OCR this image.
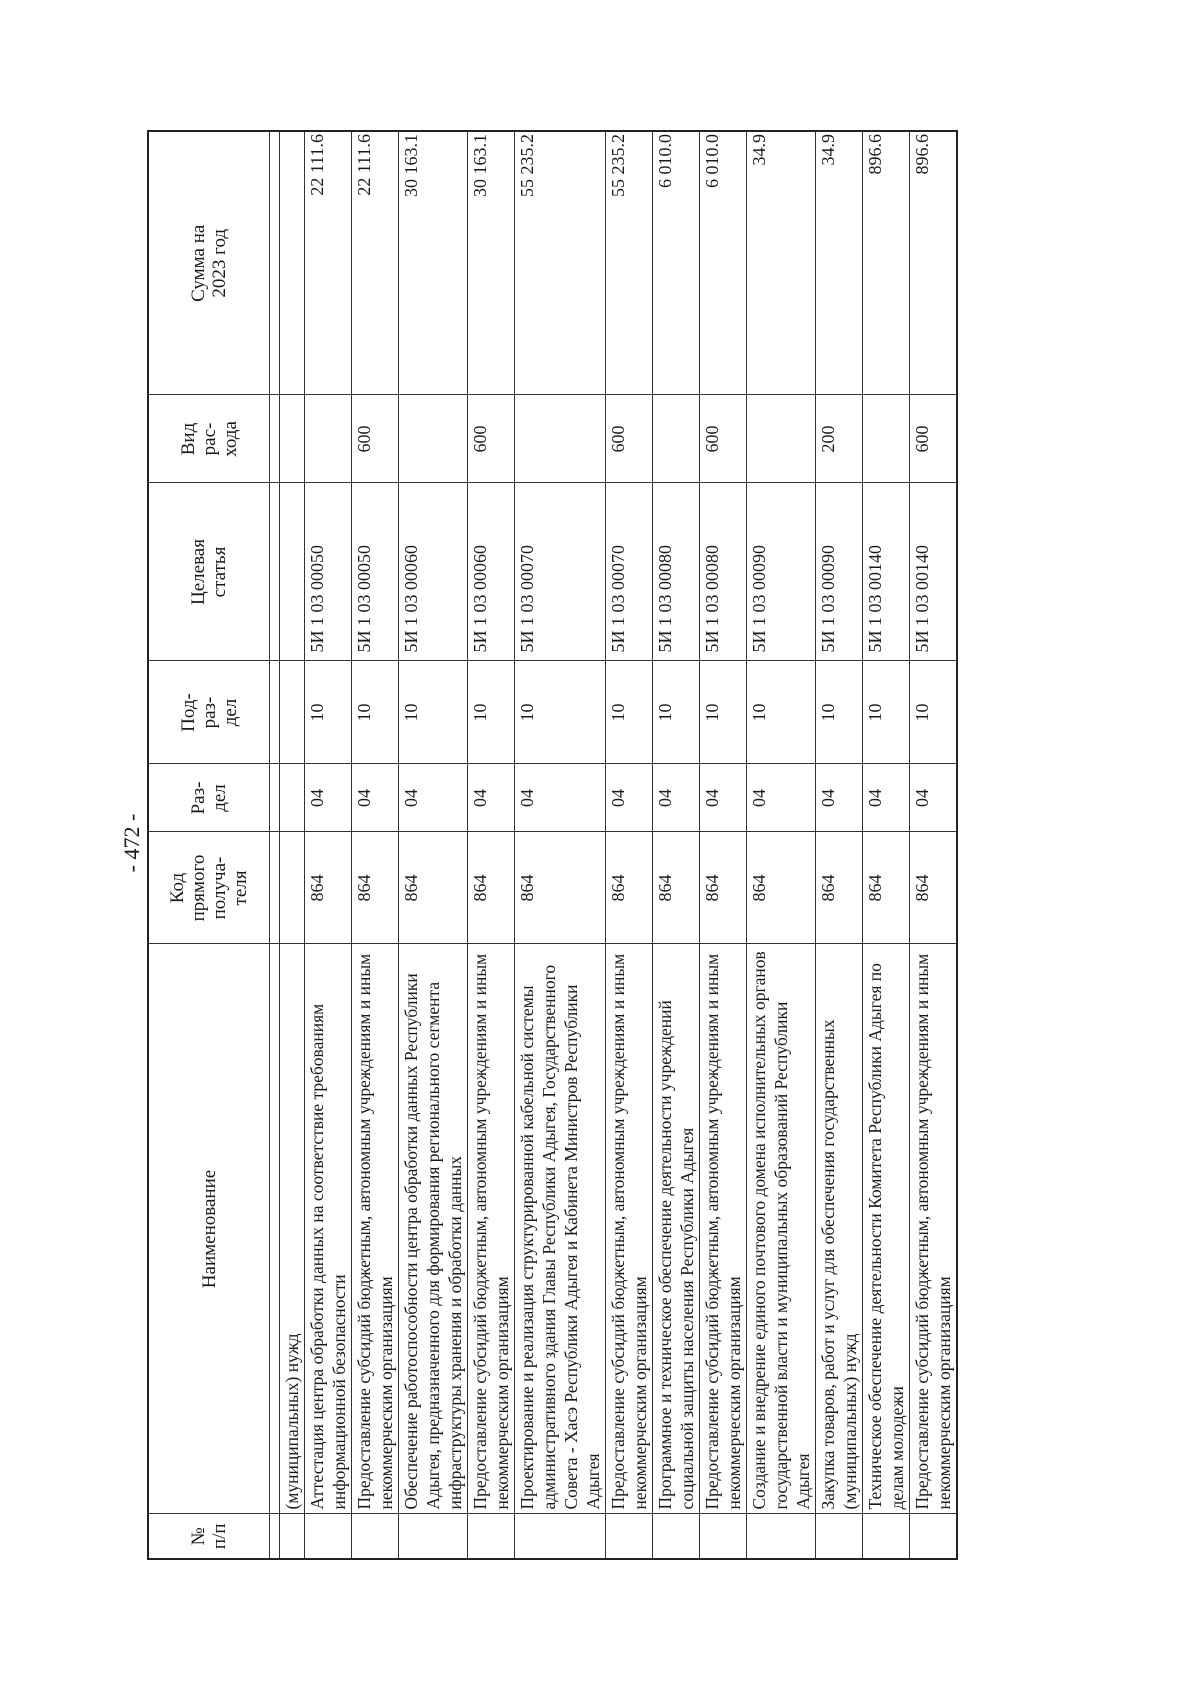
- 472 -
№
п/п	Наименование	Код
прямого
получа-
теля	Раз-
дел	Под-
раз-
дел	Целевая
статья	Вид
рас-
хода	Сумма на
2023 год

	(муниципальных) нужд						
	Аттестация центра обработки данных на соответствие требованиям информационной безопасности	864	04	10	5И 1 03 00050		22 111.6
	Предоставление субсидий бюджетным, автономным учреждениям и иным некоммерческим организациям	864	04	10	5И 1 03 00050	600	22 111.6
	Обеспечение работоспособности центра обработки данных Республики Адыгея, предназначенного для формирования регионального сегмента инфраструктуры хранения и обработки данных	864	04	10	5И 1 03 00060		30 163.1
	Предоставление субсидий бюджетным, автономным учреждениям и иным некоммерческим организациям	864	04	10	5И 1 03 00060	600	30 163.1
	Проектирование и реализация структурированной кабельной системы административного здания Главы Республики Адыгея, Государственного Совета - Хасэ Республики Адыгея и Кабинета Министров Республики Адыгея	864	04	10	5И 1 03 00070		55 235.2
	Предоставление субсидий бюджетным, автономным учреждениям и иным некоммерческим организациям	864	04	10	5И 1 03 00070	600	55 235.2
	Программное и техническое обеспечение деятельности учреждений социальной защиты населения Республики Адыгея	864	04	10	5И 1 03 00080		6 010.0
	Предоставление субсидий бюджетным, автономным учреждениям и иным некоммерческим организациям	864	04	10	5И 1 03 00080	600	6 010.0
	Создание и внедрение единого почтового домена исполнительных органов государственной власти и муниципальных образований Республики Адыгея	864	04	10	5И 1 03 00090		34.9
	Закупка товаров, работ и услуг для обеспечения государственных (муниципальных) нужд	864	04	10	5И 1 03 00090	200	34.9
	Техническое обеспечение деятельности Комитета Республики Адыгея по делам молодежи	864	04	10	5И 1 03 00140		896.6
	Предоставление субсидий бюджетным, автономным учреждениям и иным некоммерческим организациям	864	04	10	5И 1 03 00140	600	896.6
